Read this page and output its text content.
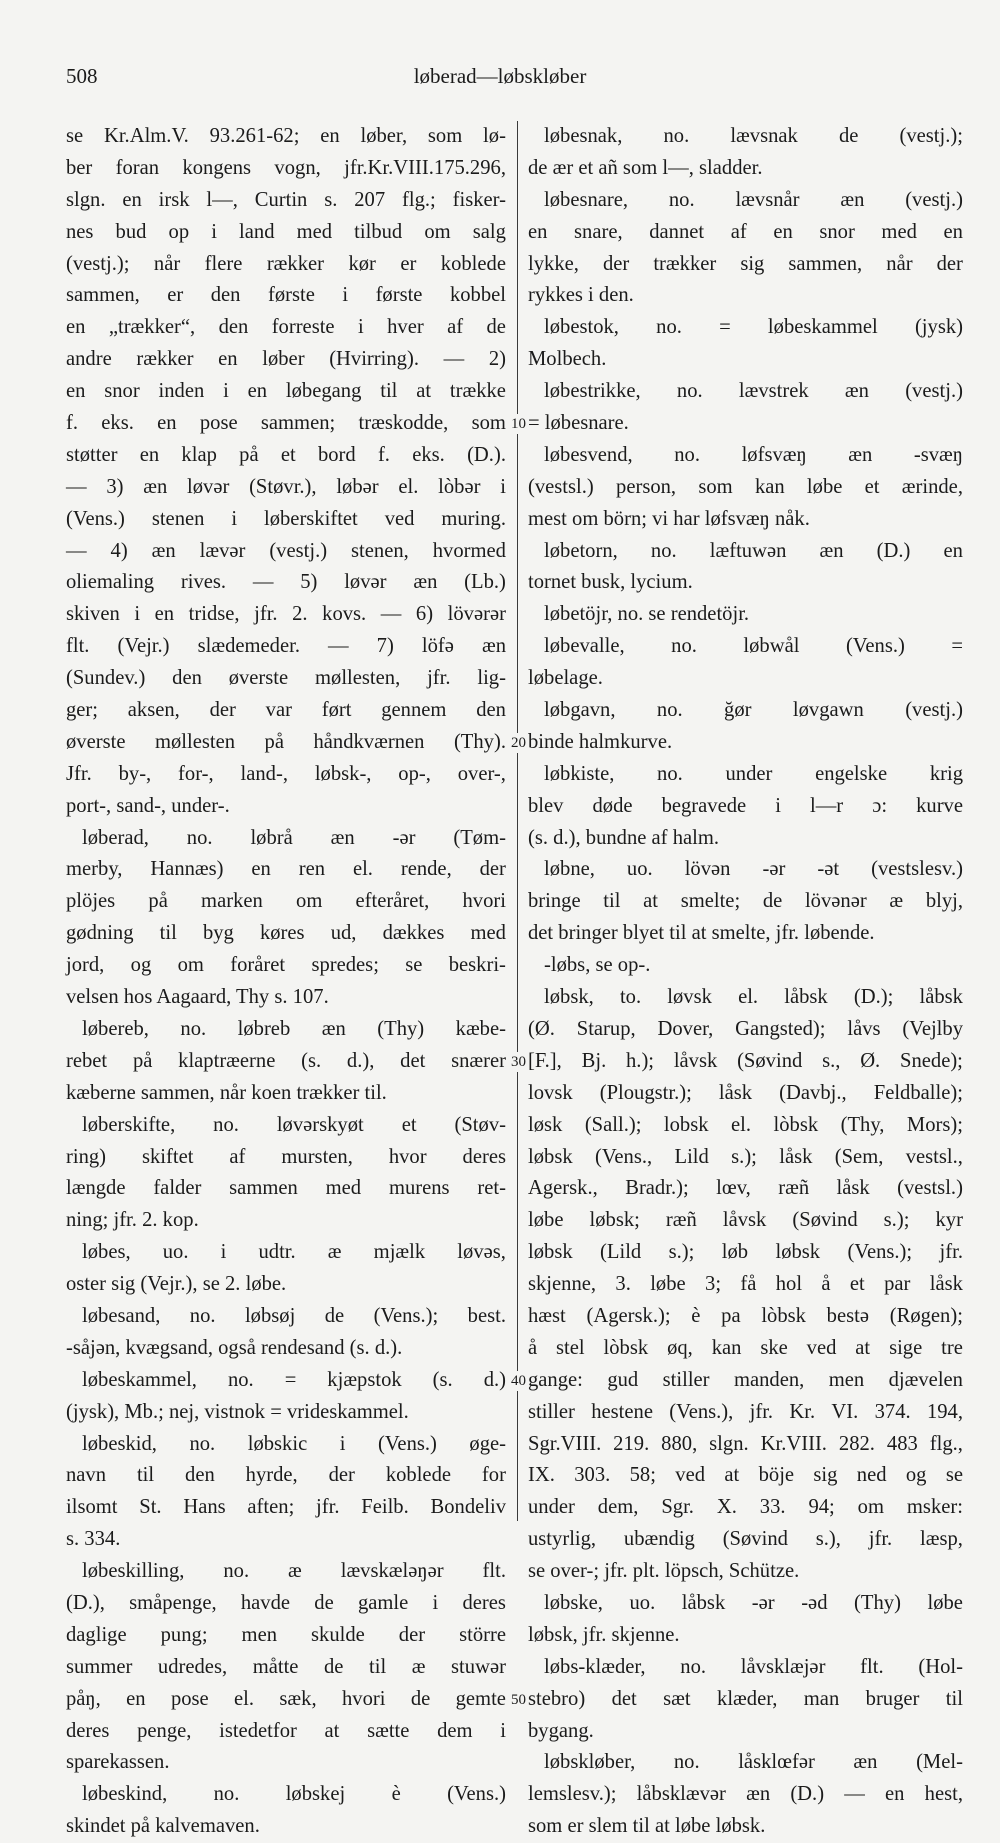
508	løberad—løbskløber
se Kr.Alm.V. 93.261-62; en løber, som lø-
ber foran kongens vogn, jfr.Kr.VIII.175.296,
slgn. en irsk l—, Curtin s. 207 flg.; fisker-
nes bud op i land med tilbud om salg
(vestj.); når flere rækker kør er koblede
sammen, er den første i første kobbel
en „trækker“, den forreste i hver af de
andre rækker en løber (Hvirring). — 2)
en snor inden i en løbegang til at trække
f. eks. en pose sammen; træskodde, som
støtter en klap på et bord f. eks. (D.).
— 3) æn løvər (Støvr.), løbər el. lòbər i
(Vens.) stenen i løberskiftet ved muring.
— 4) æn lævər (vestj.) stenen, hvormed
oliemaling rives. — 5) løvər æn (Lb.)
skiven i en tridse, jfr. 2. kovs. — 6) lövərər
flt. (Vejr.) slædemeder. — 7) löfə æn
(Sundev.) den øverste møllesten, jfr. lig-
ger; aksen, der var ført gennem den
øverste møllesten på håndkværnen (Thy).
Jfr. by-, for-, land-, løbsk-, op-, over-,
port-, sand-, under-.
løberad, no. løbrå æn -ər (Tøm-
merby, Hannæs) en ren el. rende, der
plöjes på marken om efteråret, hvori
gødning til byg køres ud, dækkes med
jord, og om foråret spredes; se beskri-
velsen hos Aagaard, Thy s. 107.
løbereb, no. løbreb æn (Thy) kæbe-
rebet på klaptræerne (s. d.), det snærer
kæberne sammen, når koen trækker til.
løberskifte, no. løvərskyøt et (Støv-
ring) skiftet af mursten, hvor deres
længde falder sammen med murens ret-
ning; jfr. 2. kop.
løbes, uo. i udtr. æ mjælk løvəs,
oster sig (Vejr.), se 2. løbe.
løbesand, no. løbsøj de (Vens.); best.
-såjən, kvægsand, også rendesand (s. d.).
løbeskammel, no. = kjæpstok (s. d.)
(jysk), Mb.; nej, vistnok = vrideskammel.
løbeskid, no. løbskic i (Vens.) øge-
navn til den hyrde, der koblede for
ilsomt St. Hans aften; jfr. Feilb. Bondeliv
s. 334.
løbeskilling, no. æ lævskæləŋər flt.
(D.), småpenge, havde de gamle i deres
daglige pung; men skulde der större
summer udredes, måtte de til æ stuwər
påŋ, en pose el. sæk, hvori de gemte
deres penge, istedetfor at sætte dem i
sparekassen.
løbeskind, no. løbskej è (Vens.)
skindet på kalvemaven.
løbesnak, no. lævsnak de (vestj.);
de ær et añ som l—, sladder.
løbesnare, no. lævsnår æn (vestj.)
en snare, dannet af en snor med en
lykke, der trækker sig sammen, når der
rykkes i den.
løbestok, no. = løbeskammel (jysk)
Molbech.
løbestrikke, no. lævstrek æn (vestj.)
= løbesnare.
løbesvend, no. løfsvæŋ æn -svæŋ
(vestsl.) person, som kan løbe et ærinde,
mest om börn; vi har løfsvæŋ nåk.
løbetorn, no. læftuwən æn (D.) en
tornet busk, lycium.
løbetöjr, no. se rendetöjr.
løbevalle, no. løbwål (Vens.) =
løbelage.
løbgavn, no. ğør løvgawn (vestj.)
binde halmkurve.
løbkiste, no. under engelske krig
blev døde begravede i l—r ɔ: kurve
(s. d.), bundne af halm.
løbne, uo. lövən -ər -ət (vestslesv.)
bringe til at smelte; de lövənər æ blyj,
det bringer blyet til at smelte, jfr. løbende.
-løbs, se op-.
løbsk, to. løvsk el. låbsk (D.); låbsk
(Ø. Starup, Dover, Gangsted); låvs (Vejlby
[F.], Bj. h.); låvsk (Søvind s., Ø. Snede);
lovsk (Plougstr.); låsk (Davbj., Feldballe);
løsk (Sall.); lobsk el. lòbsk (Thy, Mors);
løbsk (Vens., Lild s.); låsk (Sem, vestsl.,
Agersk., Bradr.); lœv, ræñ låsk (vestsl.)
løbe løbsk; ræñ låvsk (Søvind s.); kyr
løbsk (Lild s.); løb løbsk (Vens.); jfr.
skjenne, 3. løbe 3; få hol å et par låsk
hæst (Agersk.); è pa lòbsk bestə (Røgen);
å stel lòbsk øq, kan ske ved at sige tre
gange: gud stiller manden, men djævelen
stiller hestene (Vens.), jfr. Kr. VI. 374. 194,
Sgr.VIII. 219. 880, slgn. Kr.VIII. 282. 483 flg.,
IX. 303. 58; ved at böje sig ned og se
under dem, Sgr. X. 33. 94; om msker:
ustyrlig, ubændig (Søvind s.), jfr. læsp,
se over-; jfr. plt. löpsch, Schütze.
løbske, uo. låbsk -ər -əd (Thy) løbe
løbsk, jfr. skjenne.
løbs-klæder, no. låvsklæjər flt. (Hol-
stebro) det sæt klæder, man bruger til
bygang.
løbskløber, no. låsklœfər æn (Mel-
lemslesv.); låbsklævər æn (D.) — en hest,
som er slem til at løbe løbsk.
10
20
30
40
50
